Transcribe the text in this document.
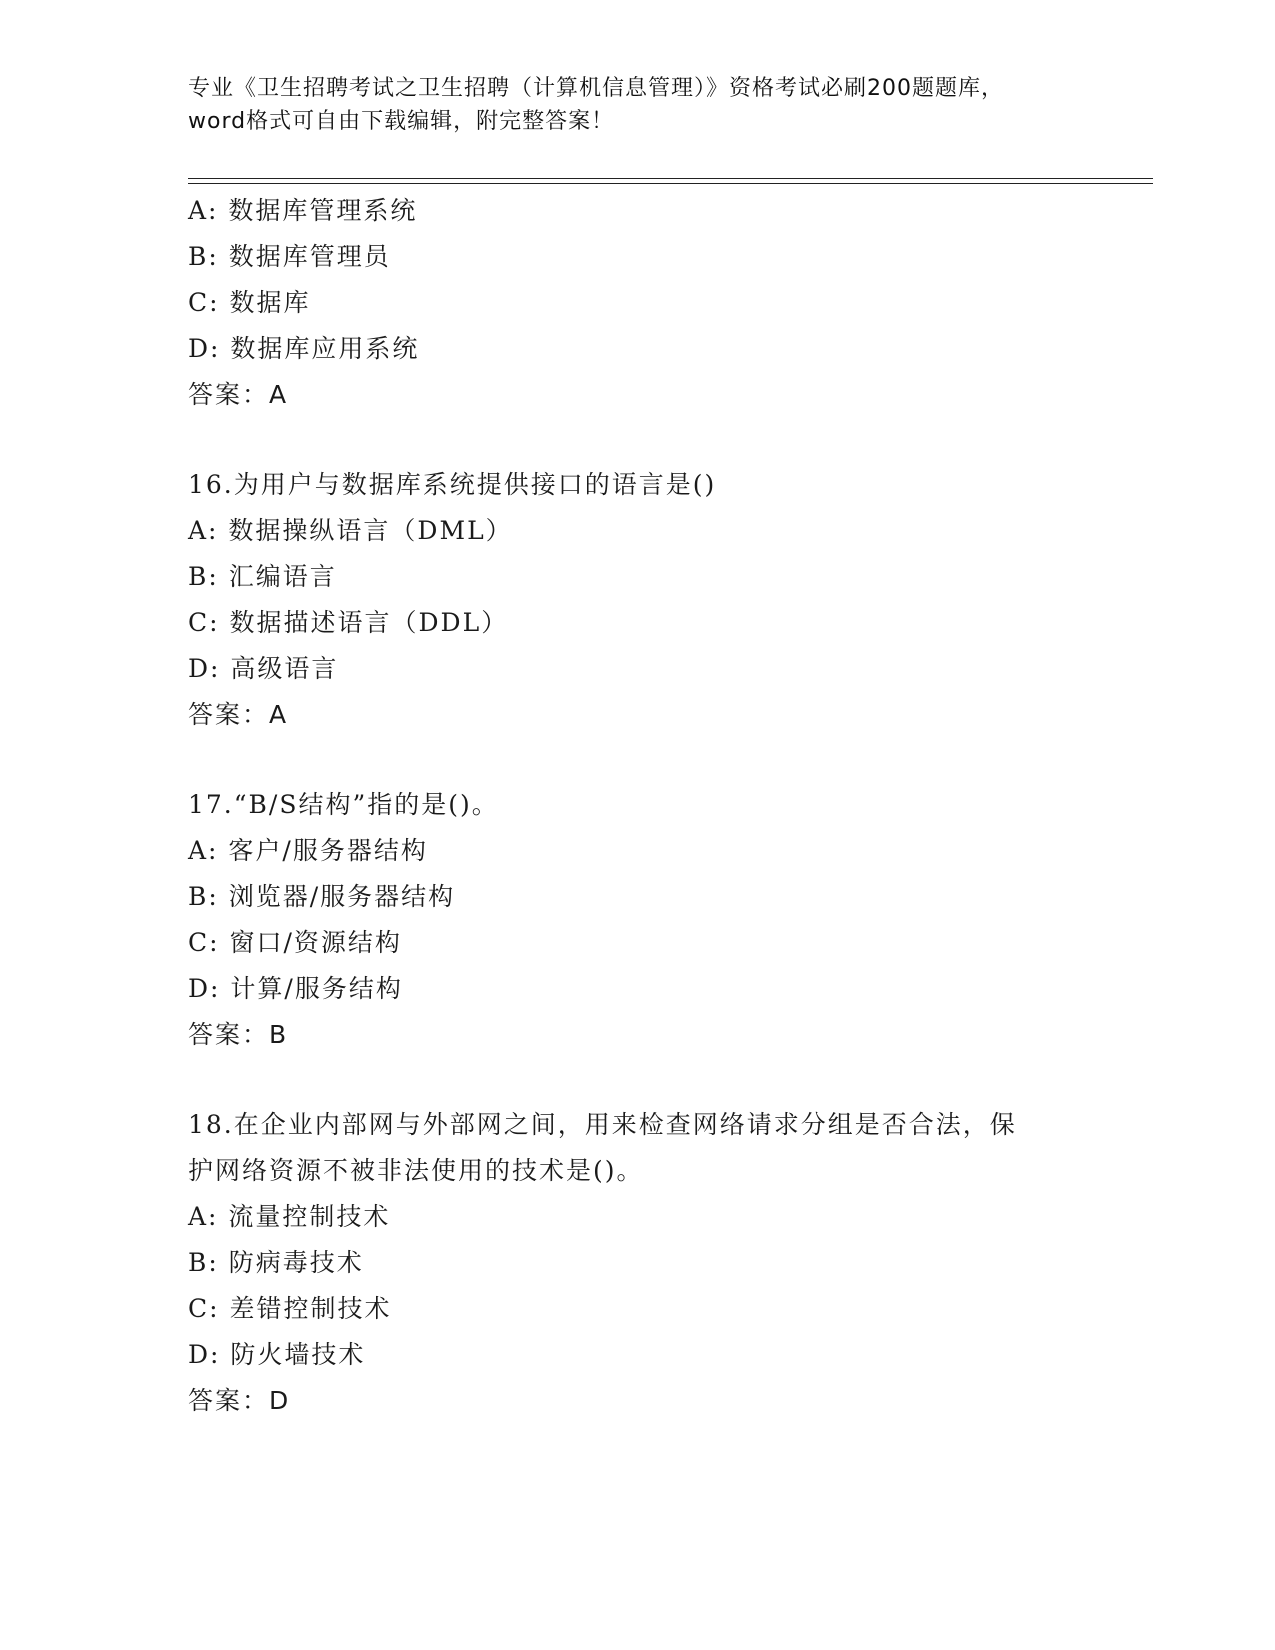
专业《卫生招聘考试之卫生招聘（计算机信息管理）》资格考试必刷200题题库，
word格式可自由下载编辑，附完整答案！
A: 数据库管理系统
B: 数据库管理员
C: 数据库
D: 数据库应用系统
答案：A
16.为用户与数据库系统提供接口的语言是()
A: 数据操纵语言（DML）
B: 汇编语言
C: 数据描述语言（DDL）
D: 高级语言
答案：A
17.“B/S结构”指的是()。
A: 客户/服务器结构
B: 浏览器/服务器结构
C: 窗口/资源结构
D: 计算/服务结构
答案：B
18.在企业内部网与外部网之间，用来检查网络请求分组是否合法，保
护网络资源不被非法使用的技术是()。
A: 流量控制技术
B: 防病毒技术
C: 差错控制技术
D: 防火墙技术
答案：D
